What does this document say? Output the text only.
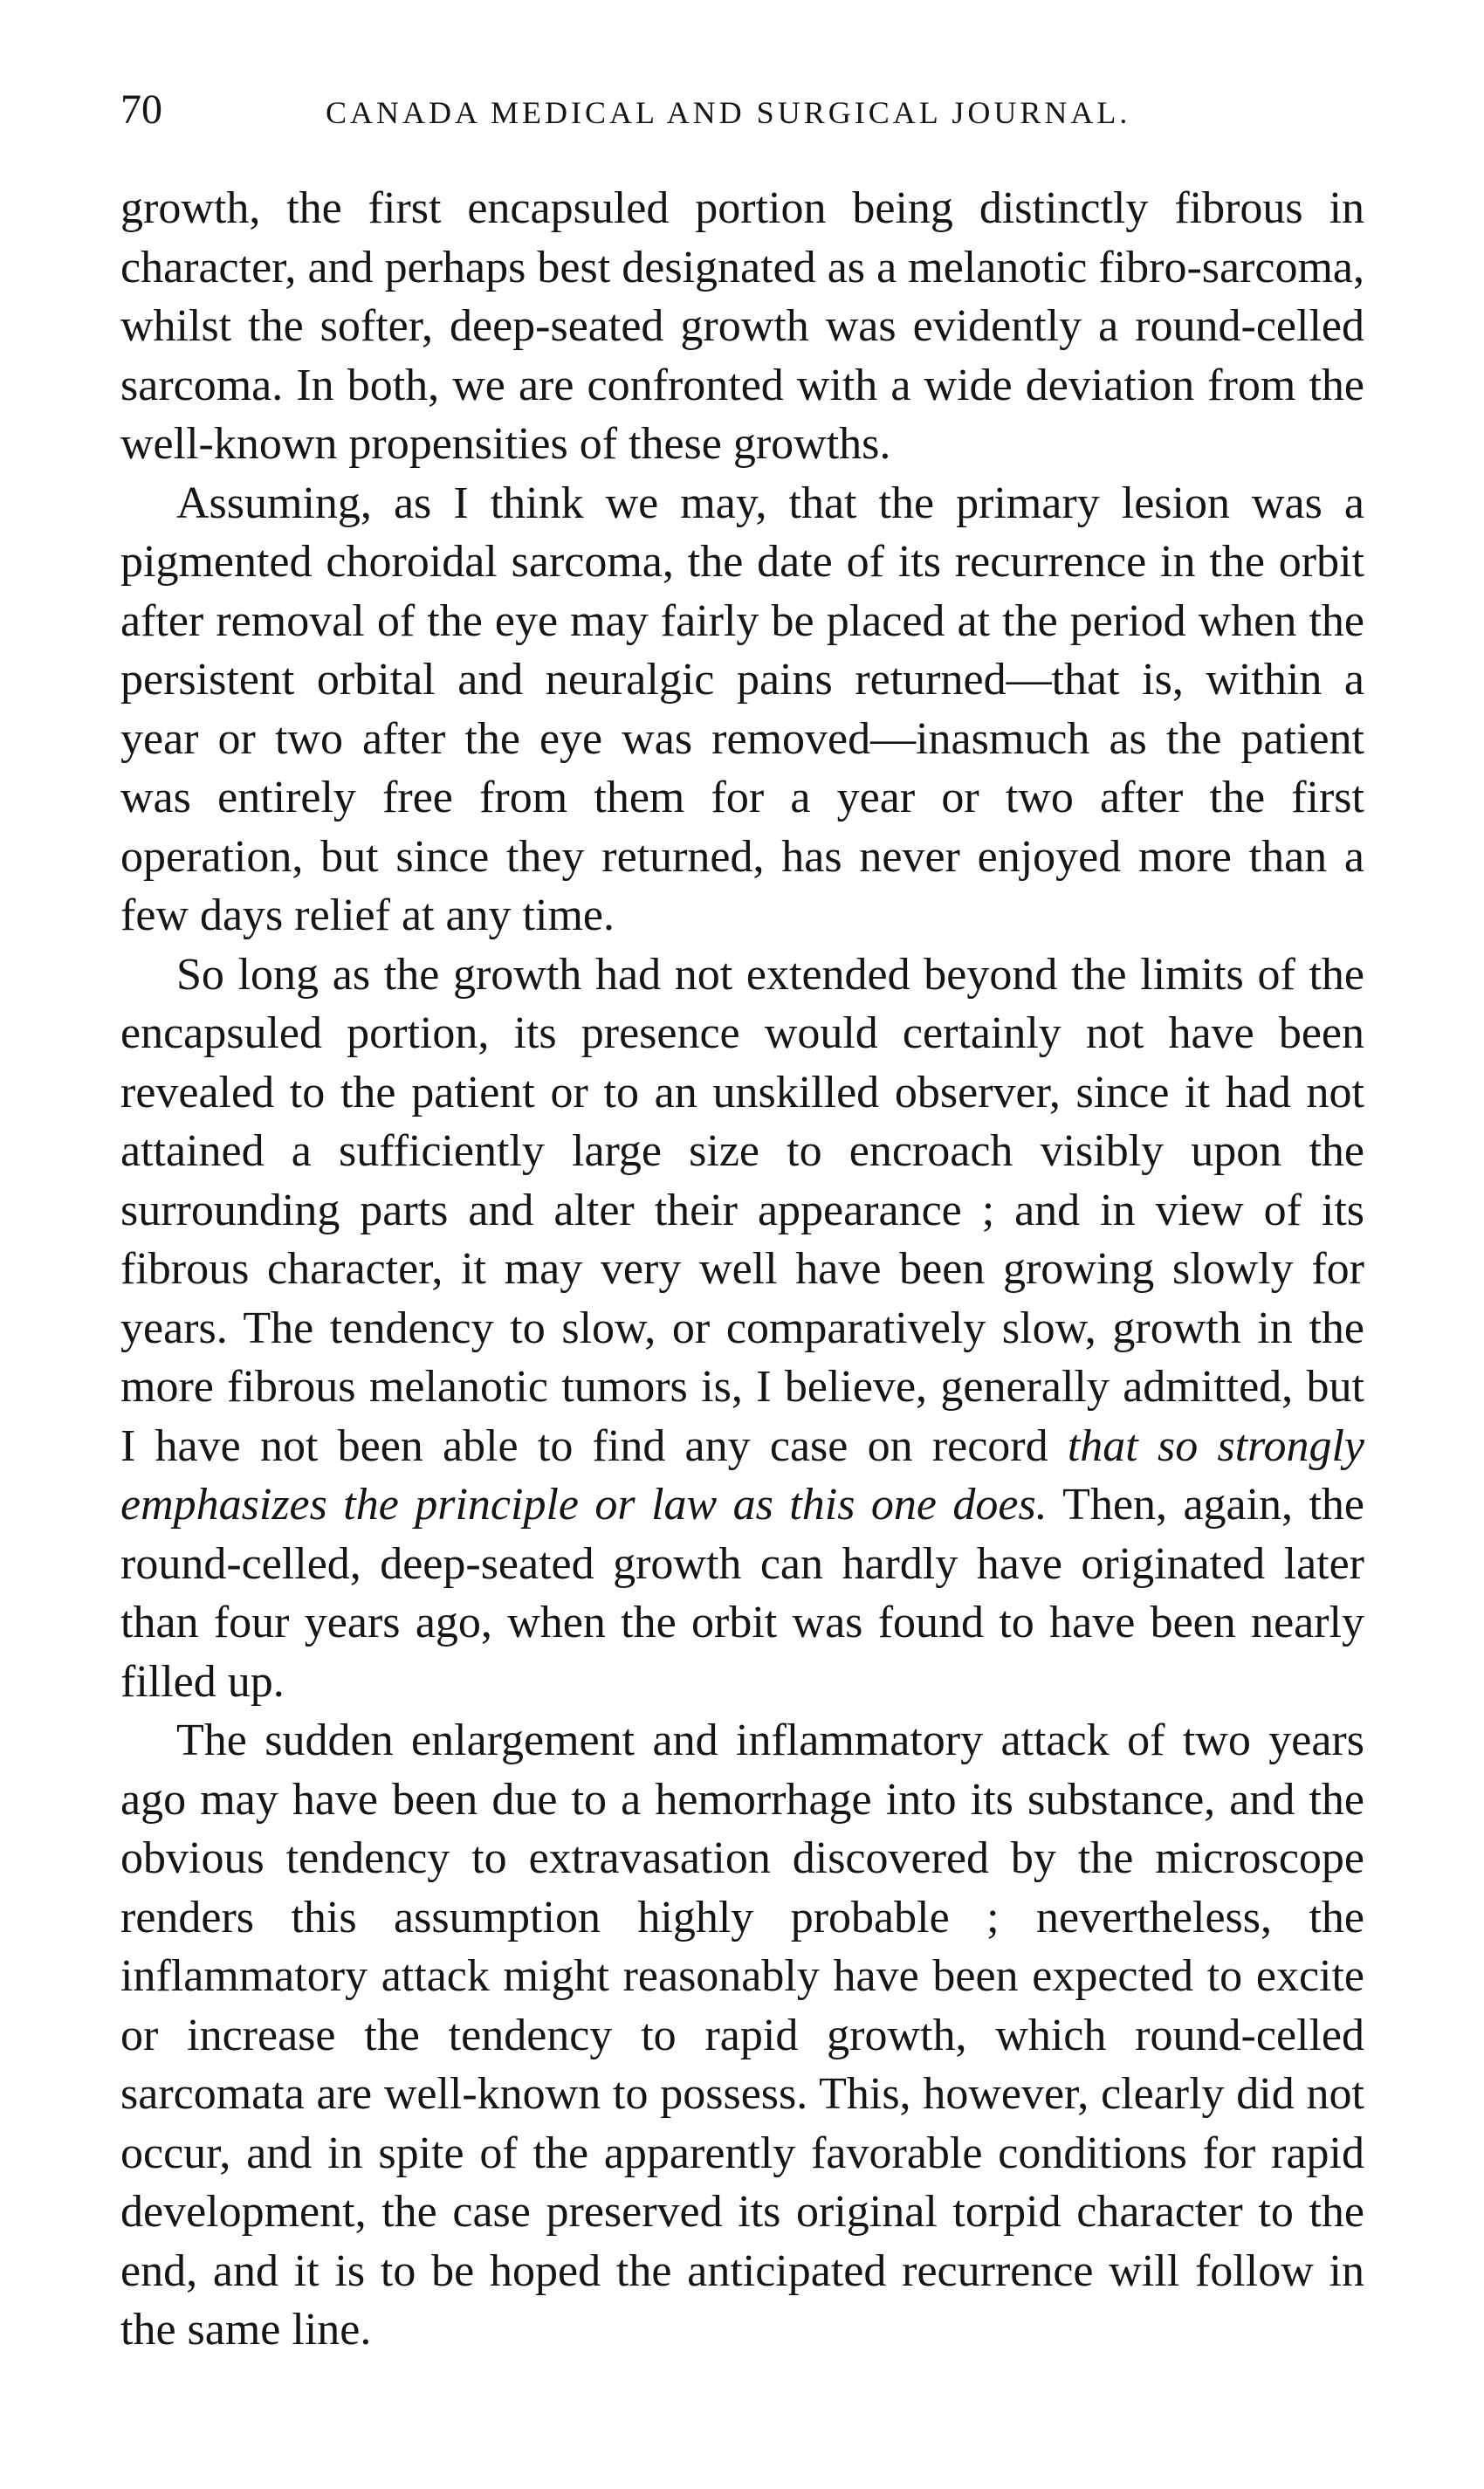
70	CANADA MEDICAL AND SURGICAL JOURNAL.

growth, the first encapsuled portion being distinctly fibrous in character, and perhaps best designated as a melanotic fibro-sarcoma, whilst the softer, deep-seated growth was evidently a round-celled sarcoma. In both, we are confronted with a wide deviation from the well-known propensities of these growths.

Assuming, as I think we may, that the primary lesion was a pigmented choroidal sarcoma, the date of its recurrence in the orbit after removal of the eye may fairly be placed at the period when the persistent orbital and neuralgic pains returned—that is, within a year or two after the eye was removed—inasmuch as the patient was entirely free from them for a year or two after the first operation, but since they returned, has never enjoyed more than a few days relief at any time.

So long as the growth had not extended beyond the limits of the encapsuled portion, its presence would certainly not have been revealed to the patient or to an unskilled observer, since it had not attained a sufficiently large size to encroach visibly upon the surrounding parts and alter their appearance ; and in view of its fibrous character, it may very well have been growing slowly for years. The tendency to slow, or comparatively slow, growth in the more fibrous melanotic tumors is, I believe, generally admitted, but I have not been able to find any case on record that so strongly emphasizes the principle or law as this one does. Then, again, the round-celled, deep-seated growth can hardly have originated later than four years ago, when the orbit was found to have been nearly filled up.

The sudden enlargement and inflammatory attack of two years ago may have been due to a hemorrhage into its substance, and the obvious tendency to extravasation discovered by the microscope renders this assumption highly probable ; nevertheless, the inflammatory attack might reasonably have been expected to excite or increase the tendency to rapid growth, which round-celled sarcomata are well-known to possess. This, however, clearly did not occur, and in spite of the apparently favorable conditions for rapid development, the case preserved its original torpid character to the end, and it is to be hoped the anticipated recurrence will follow in the same line.
